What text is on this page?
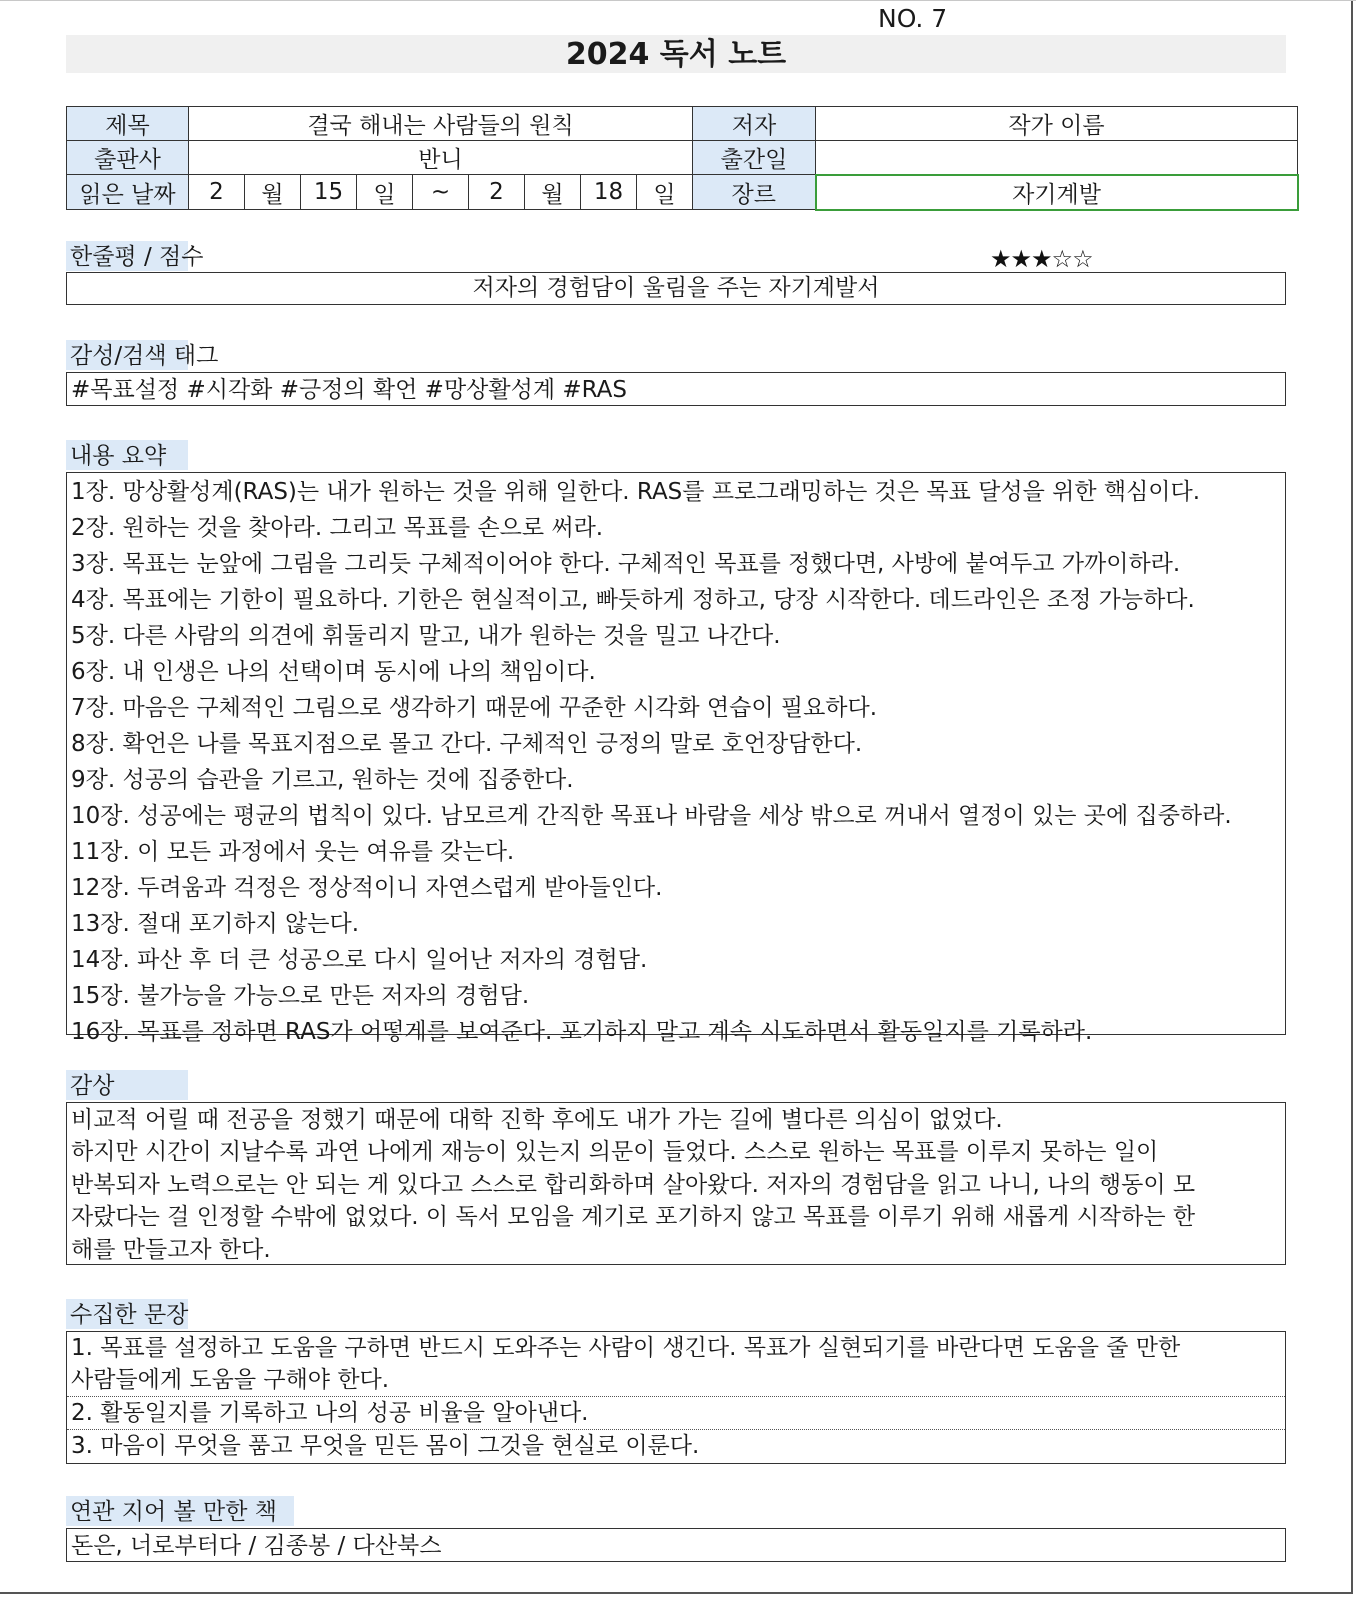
NO. 7
2024 독서 노트
제목	결국 해내는 사람들의 원칙									저자	작가 이름
출판사	반니									출간일	
읽은 날짜	2	월	15	일	~	2	월	18	일	장르	자기계발
한줄평 / 점수	★★★☆☆
저자의 경험담이 울림을 주는 자기계발서
감성/검색 태그
#목표설정 #시각화 #긍정의 확언 #망상활성계 #RAS
내용 요약
1장. 망상활성계(RAS)는 내가 원하는 것을 위해 일한다. RAS를 프로그래밍하는 것은 목표 달성을 위한 핵심이다.
2장. 원하는 것을 찾아라. 그리고 목표를 손으로 써라.
3장. 목표는 눈앞에 그림을 그리듯 구체적이어야 한다. 구체적인 목표를 정했다면, 사방에 붙여두고 가까이하라.
4장. 목표에는 기한이 필요하다. 기한은 현실적이고, 빠듯하게 정하고, 당장 시작한다. 데드라인은 조정 가능하다.
5장. 다른 사람의 의견에 휘둘리지 말고, 내가 원하는 것을 밀고 나간다.
6장. 내 인생은 나의 선택이며 동시에 나의 책임이다.
7장. 마음은 구체적인 그림으로 생각하기 때문에 꾸준한 시각화 연습이 필요하다.
8장. 확언은 나를 목표지점으로 몰고 간다. 구체적인 긍정의 말로 호언장담한다.
9장. 성공의 습관을 기르고, 원하는 것에 집중한다.
10장. 성공에는 평균의 법칙이 있다. 남모르게 간직한 목표나 바람을 세상 밖으로 꺼내서 열정이 있는 곳에 집중하라.
11장. 이 모든 과정에서 웃는 여유를 갖는다.
12장. 두려움과 걱정은 정상적이니 자연스럽게 받아들인다.
13장. 절대 포기하지 않는다.
14장. 파산 후 더 큰 성공으로 다시 일어난 저자의 경험담.
15장. 불가능을 가능으로 만든 저자의 경험담.
16장. 목표를 정하면 RAS가 어떻게를 보여준다. 포기하지 말고 계속 시도하면서 활동일지를 기록하라.
감상
비교적 어릴 때 전공을 정했기 때문에 대학 진학 후에도 내가 가는 길에 별다른 의심이 없었다.
하지만 시간이 지날수록 과연 나에게 재능이 있는지 의문이 들었다. 스스로 원하는 목표를 이루지 못하는 일이
반복되자 노력으로는 안 되는 게 있다고 스스로 합리화하며 살아왔다. 저자의 경험담을 읽고 나니, 나의 행동이 모
자랐다는 걸 인정할 수밖에 없었다. 이 독서 모임을 계기로 포기하지 않고 목표를 이루기 위해 새롭게 시작하는 한
해를 만들고자 한다.
수집한 문장
1. 목표를 설정하고 도움을 구하면 반드시 도와주는 사람이 생긴다. 목표가 실현되기를 바란다면 도움을 줄 만한
사람들에게 도움을 구해야 한다.
2. 활동일지를 기록하고 나의 성공 비율을 알아낸다.
3. 마음이 무엇을 품고 무엇을 믿든 몸이 그것을 현실로 이룬다.
연관 지어 볼 만한 책
돈은, 너로부터다 / 김종봉 / 다산북스
